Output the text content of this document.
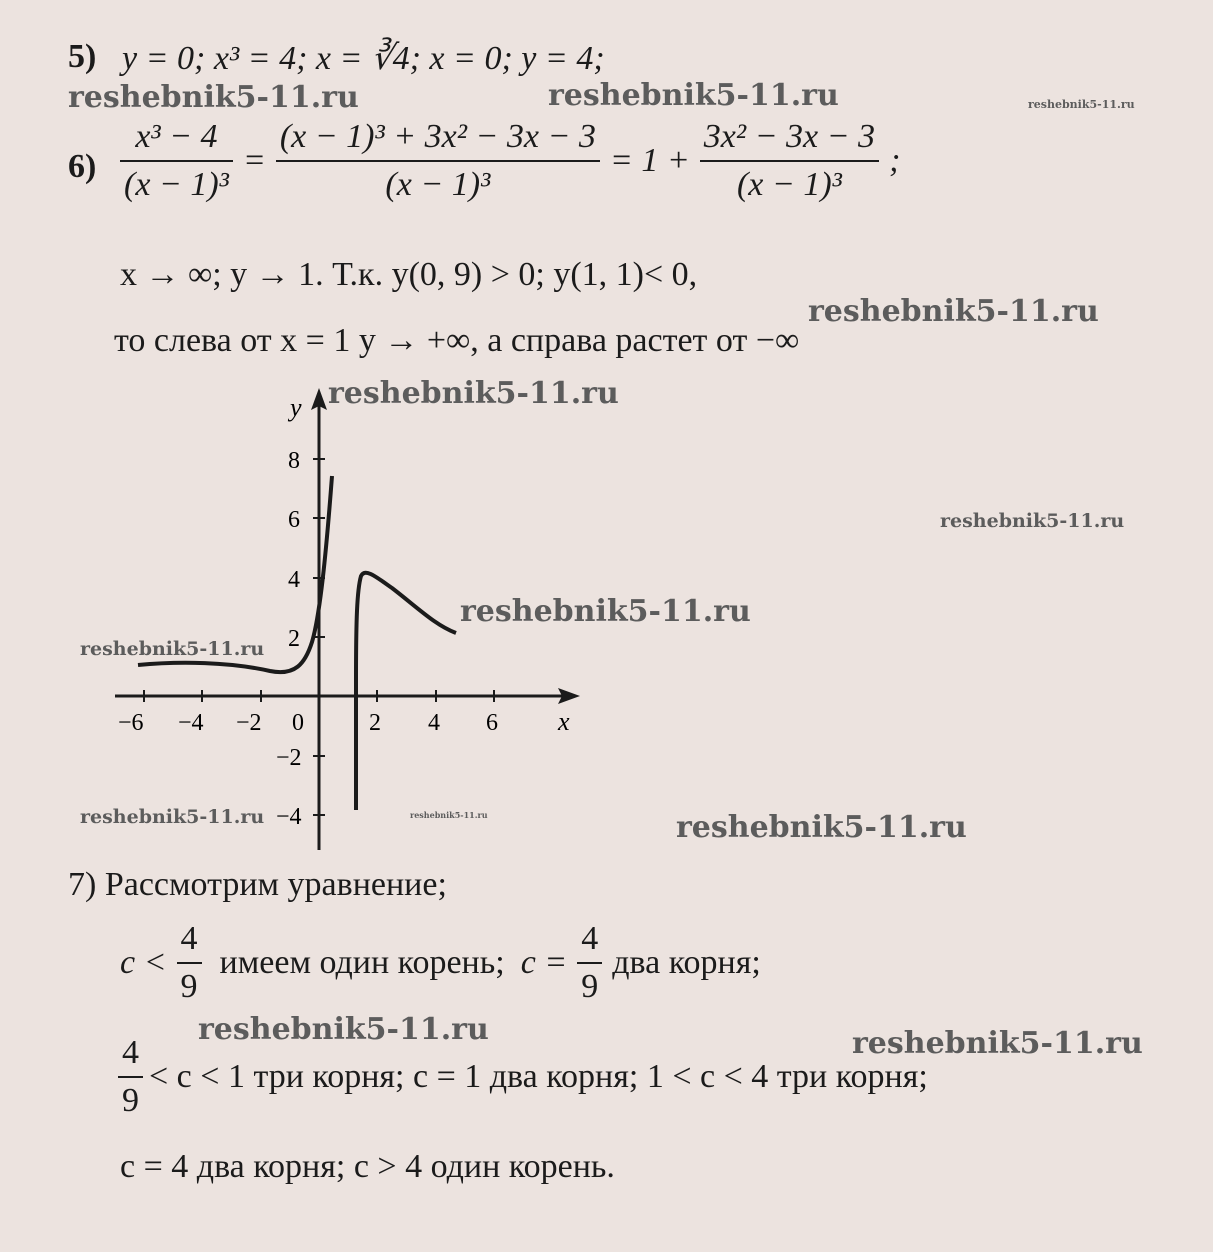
5) y = 0; x³ = 4; x = ∛4; x = 0; y = 4;
$6) \frac{\text{x³ − 4}}{\text{(x − 1)³}} = \frac{\text{(x − 1)³ + 3x² − 3x − 3}}{\text{(x − 1)³}} = 1 + \frac{\text{3x² − 3x − 3}}{\text{(x − 1)³}}$ ;
x → ∞; y → 1. Т.к. y(0, 9) > 0; y(1, 1)< 0,
то слева от x = 1 y → +∞, а справа растет от −∞
y
x
8
6
4
2
−2
−4
−6 −4 −2 0	2 4 6
7) Рассмотрим уравнение;
$c < \frac{4}{9}$ имеем один корень; $c = \frac{4}{9}$ два корня;
$\frac{4}{9} < c < 1$ три корня; c = 1 два корня; 1 < c < 4 три корня;
c = 4 два корня; c > 4 один корень.
reshebnik5-11.ru	reshebnik5-11.ru	reshebnik5-11.ru
reshebnik5-11.ru
reshebnik5-11.ru
reshebnik5-11.ru
reshebnik5-11.ru
reshebnik5-11.ru
reshebnik5-11.ru	reshebnik5-11.ru	reshebnik5-11.ru
reshebnik5-11.ru	reshebnik5-11.ru
